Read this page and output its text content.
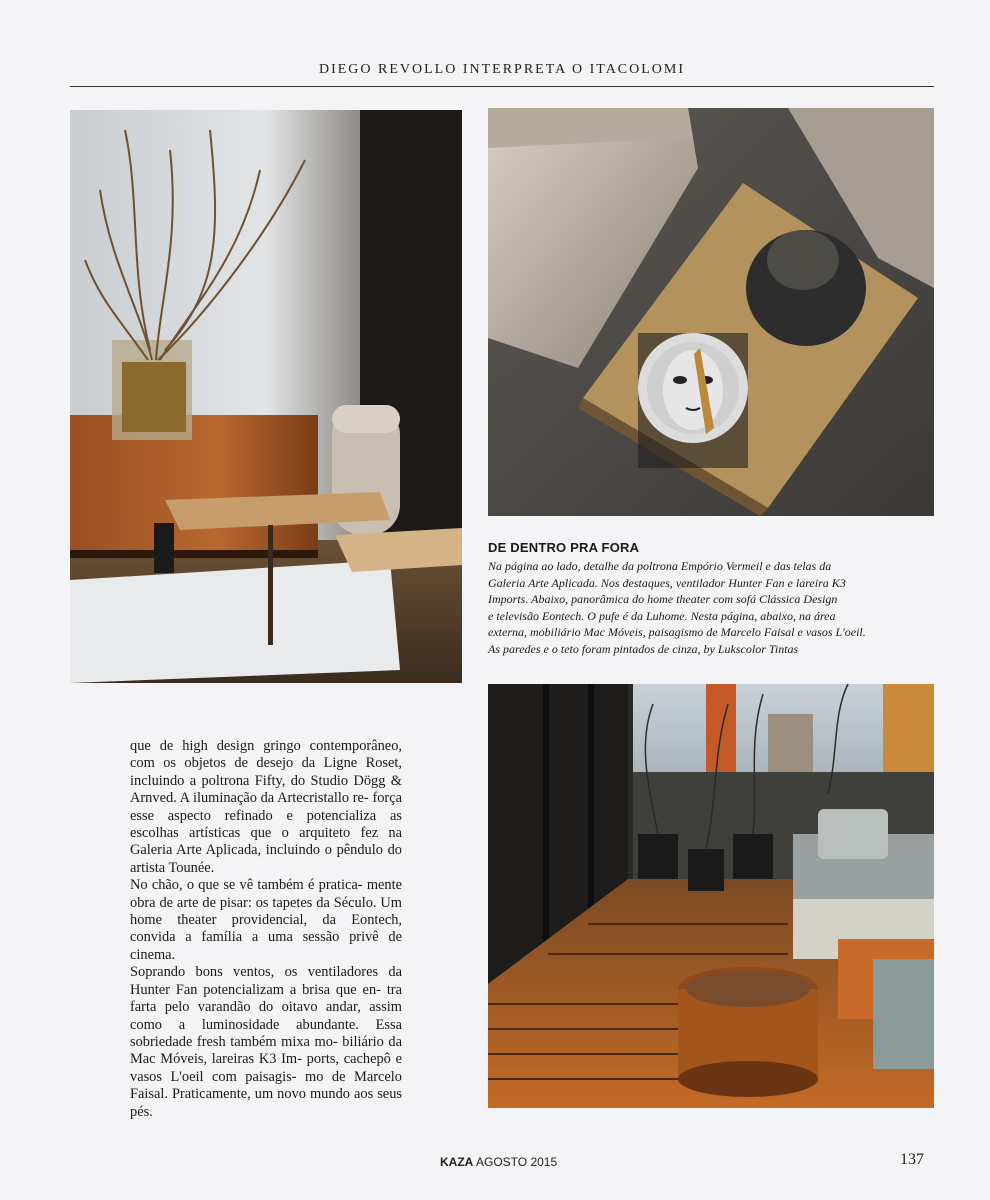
DIEGO REVOLLO INTERPRETA O ITACOLOMI
DE DENTRO PRA FORA

Na página ao lado, detalhe da poltrona Empório Vermeil e das telas da
Galeria Arte Aplicada. Nos destaques, ventilador Hunter Fan e lareira K3
Imports. Abaixo, panorâmica do home theater com sofá Clássica Design
e televisão Eontech. O pufe é da Luhome. Nesta página, abaixo, na área
externa, mobiliário Mac Móveis, paisagismo de Marcelo Faisal e vasos L'oeil.
As paredes e o teto foram pintados de cinza, by Lukscolor Tintas

que de high design gringo contemporâneo, com os objetos de desejo da Ligne Roset, incluindo a poltrona Fifty, do Studio Dögg & Arnved. A iluminação da Artecristallo re- força esse aspecto refinado e potencializa as escolhas artísticas que o arquiteto fez na Galeria Arte Aplicada, incluindo o pêndulo do artista Tounée.

No chão, o que se vê também é pratica- mente obra de arte de pisar: os tapetes da Século. Um home theater providencial, da Eontech, convida a família a uma sessão privê de cinema.

Soprando bons ventos, os ventiladores da Hunter Fan potencializam a brisa que en- tra farta pelo varandão do oitavo andar, assim como a luminosidade abundante. Essa sobriedade fresh também mixa mo- biliário da Mac Móveis, lareiras K3 Im- ports, cachepô e vasos L'oeil com paisagis- mo de Marcelo Faisal. Praticamente, um novo mundo aos seus pés.

KAZA AGOSTO 2015	137
